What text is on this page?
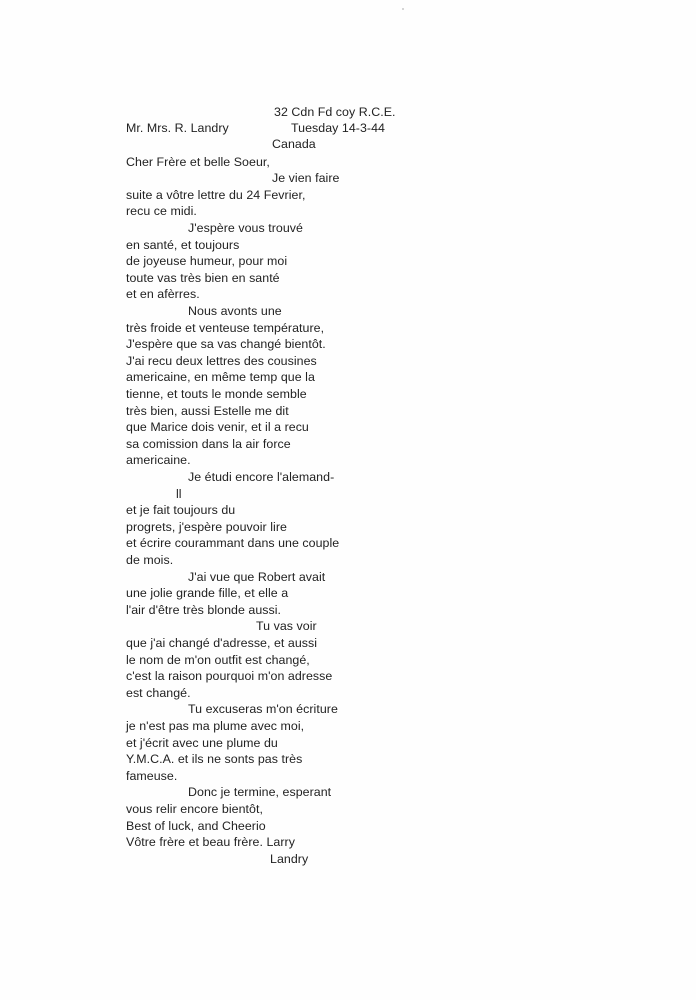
32 Cdn Fd coy R.C.E.
Mr. Mrs. R. Landry	Tuesday 14-3-44
Canada
Cher Frère et belle Soeur,
Je vien faire
suite a vôtre lettre du 24 Fevrier,
recu ce midi.
J'espère vous trouvé
en santé, et toujours
de joyeuse humeur, pour moi
toute vas très bien en santé
et en afèrres.
Nous avonts une
très froide et venteuse température,
J'espère que sa vas changé bientôt.
J'ai recu deux lettres des cousines
americaine, en même temp que la
tienne, et touts le monde semble
très bien, aussi Estelle me dit
que Marice dois venir, et il a recu
sa comission dans la air force
americaine.
Je étudi encore l'alemand-
ll
et je fait toujours du
progrets, j'espère pouvoir lire
et écrire courammant dans une couple
de mois.
J'ai vue que Robert avait
une jolie grande fille, et elle a
l'air d'être très blonde aussi.
Tu vas voir
que j'ai changé d'adresse, et aussi
le nom de m'on outfit est changé,
c'est la raison pourquoi m'on adresse
est changé.
Tu excuseras m'on écriture
je n'est pas ma plume avec moi,
et j'écrit avec une plume du
Y.M.C.A. et ils ne sonts pas très
fameuse.
Donc je termine, esperant
vous relir encore bientôt,
Best of luck, and Cheerio
Vôtre frère et beau frère. Larry
Landry
